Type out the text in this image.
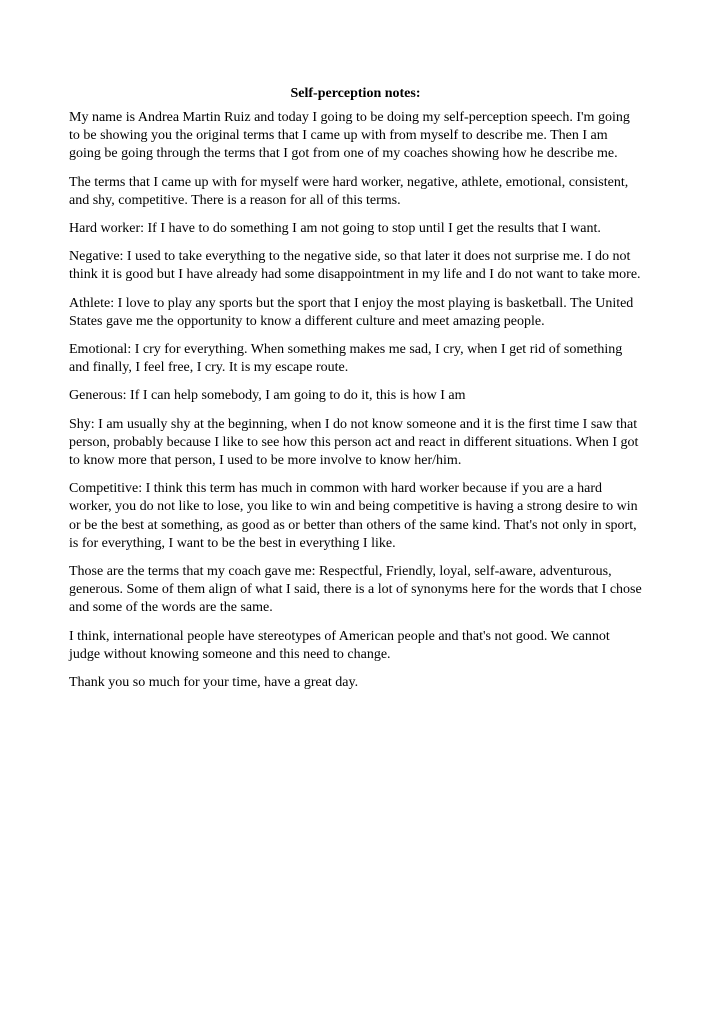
Self-perception notes:

My name is Andrea Martin Ruiz and today I going to be doing my self-perception speech. I'm going to be showing you the original terms that I came up with from myself to describe me. Then I am going be going through the terms that I got from one of my coaches showing how he describe me.

The terms that I came up with for myself were hard worker, negative, athlete, emotional, consistent, and shy, competitive. There is a reason for all of this terms.

Hard worker: If I have to do something I am not going to stop until I get the results that I want.

Negative: I used to take everything to the negative side, so that later it does not surprise me. I do not think it is good but I have already had some disappointment in my life and I do not want to take more.

Athlete: I love to play any sports but the sport that I enjoy the most playing is basketball. The United States gave me the opportunity to know a different culture and meet amazing people.

Emotional: I cry for everything. When something makes me sad, I cry, when I get rid of something and finally, I feel free, I cry. It is my escape route.

Generous: If I can help somebody, I am going to do it, this is how I am

Shy: I am usually shy at the beginning, when I do not know someone and it is the first time I saw that person, probably because I like to see how this person act and react in different situations. When I got to know more that person, I used to be more involve to know her/him.

Competitive: I think this term has much in common with hard worker because if you are a hard worker, you do not like to lose, you like to win and being competitive is having a strong desire to win or be the best at something, as good as or better than others of the same kind. That's not only in sport, is for everything, I want to be the best in everything I like.

Those are the terms that my coach gave me: Respectful, Friendly, loyal, self-aware, adventurous, generous. Some of them align of what I said, there is a lot of synonyms here for the words that I chose and some of the words are the same.

I think, international people have stereotypes of American people and that's not good. We cannot judge without knowing someone and this need to change.

Thank you so much for your time, have a great day.
